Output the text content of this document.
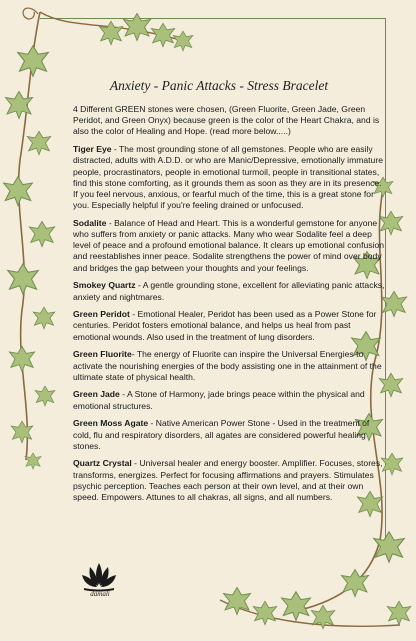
Anxiety - Panic Attacks - Stress Bracelet

4 Different GREEN stones were chosen, (Green Fluorite, Green Jade, Green Peridot, and Green Onyx) because green is the color of the Heart Chakra, and is also the color of Healing and Hope. (read more below.....)

Tiger Eye - The most grounding stone of all gemstones. People who are easily distracted, adults with A.D.D. or who are Manic/Depressive, emotionally immature people, procrastinators, people in emotional turmoil, people in transitional states, find this stone comforting, as it grounds them as soon as they are in its presence. If you feel nervous, anxious, or fearful much of the time, this is a great stone for you. Especially helpful if you're feeling drained or unfocused.

Sodalite - Balance of Head and Heart. This is a wonderful gemstone for anyone who suffers from anxiety or panic attacks. Many who wear Sodalite feel a deep level of peace and a profound emotional balance. It clears up emotional confusion and reestablishes inner peace. Sodalite strengthens the power of mind over body and bridges the gap between your thoughts and your feelings.

Smokey Quartz - A gentle grounding stone, excellent for alleviating panic attacks, anxiety and nightmares.

Green Peridot - Emotional Healer, Peridot has been used as a Power Stone for centuries. Peridot fosters emotional balance, and helps us heal from past emotional wounds. Also used in the treatment of lung disorders.

Green Fluorite- The energy of Fluorite can inspire the Universal Energies to activate the nourishing energies of the body assisting one in the attainment of the ultimate state of physical health.

Green Jade - A Stone of Harmony, jade brings peace within the physical and emotional structures.

Green Moss Agate - Native American Power Stone - Used in the treatment of cold, flu and respiratory disorders, all agates are considered powerful healing stones.

Quartz Crystal - Universal healer and energy booster. Amplifier. Focuses, stores, transforms, energizes. Perfect for focusing affirmations and prayers. Stimulates psychic perception. Teaches each person at their own level, and at their own speed. Empowers. Attunes to all chakras, all signs, and all numbers.

damali
